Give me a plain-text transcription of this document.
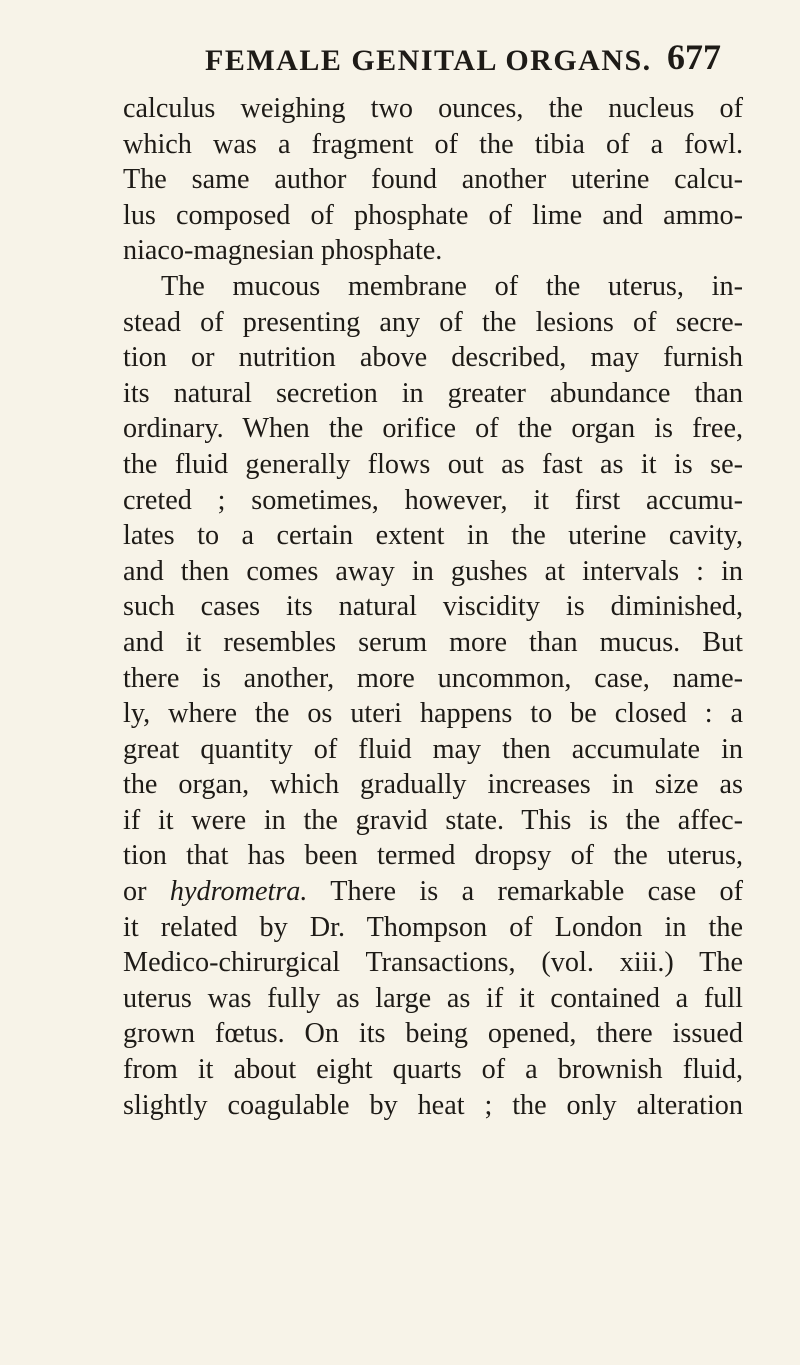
FEMALE GENITAL ORGANS. 677
calculus weighing two ounces, the nucleus of
which was a fragment of the tibia of a fowl.
The same author found another uterine calcu-
lus composed of phosphate of lime and ammo-
niaco-magnesian phosphate.
The mucous membrane of the uterus, in-
stead of presenting any of the lesions of secre-
tion or nutrition above described, may furnish
its natural secretion in greater abundance than
ordinary. When the orifice of the organ is free,
the fluid generally flows out as fast as it is se-
creted ; sometimes, however, it first accumu-
lates to a certain extent in the uterine cavity,
and then comes away in gushes at intervals : in
such cases its natural viscidity is diminished,
and it resembles serum more than mucus. But
there is another, more uncommon, case, name-
ly, where the os uteri happens to be closed : a
great quantity of fluid may then accumulate in
the organ, which gradually increases in size as
if it were in the gravid state. This is the affec-
tion that has been termed dropsy of the uterus,
or hydrometra. There is a remarkable case of
it related by Dr. Thompson of London in the
Medico-chirurgical Transactions, (vol. xiii.) The
uterus was fully as large as if it contained a full
grown fœtus. On its being opened, there issued
from it about eight quarts of a brownish fluid,
slightly coagulable by heat ; the only alteration
